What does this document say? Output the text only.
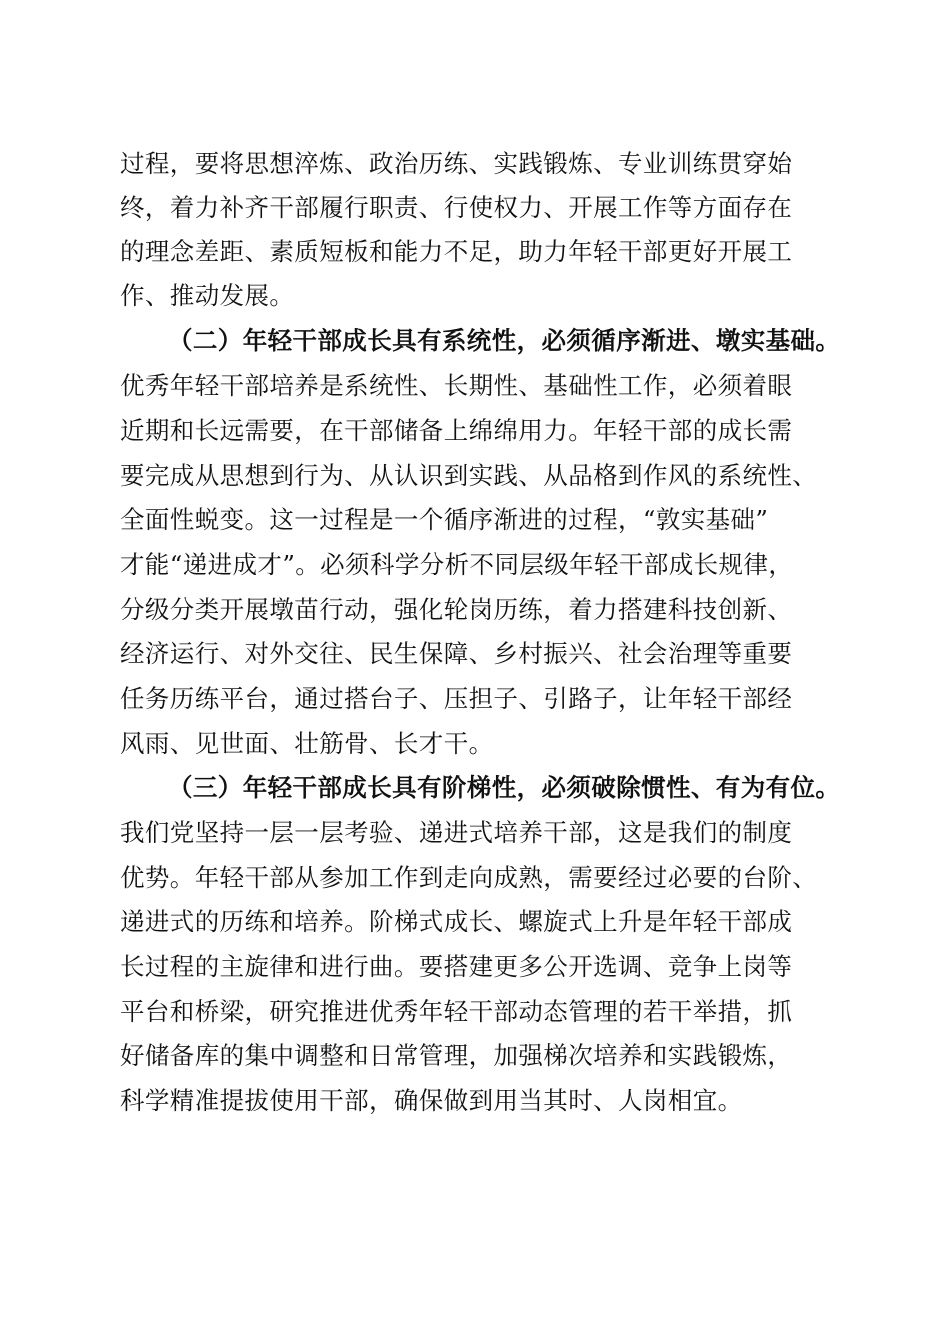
过程，要将思想淬炼、政治历练、实践锻炼、专业训练贯穿始
终，着力补齐干部履行职责、行使权力、开展工作等方面存在
的理念差距、素质短板和能力不足，助力年轻干部更好开展工
作、推动发展。
（二）年轻干部成长具有系统性，必须循序渐进、墩实基础。
优秀年轻干部培养是系统性、长期性、基础性工作，必须着眼
近期和长远需要，在干部储备上绵绵用力。年轻干部的成长需
要完成从思想到行为、从认识到实践、从品格到作风的系统性、
全面性蜕变。这一过程是一个循序渐进的过程，“敦实基础”
才能“递进成才”。必须科学分析不同层级年轻干部成长规律，
分级分类开展墩苗行动，强化轮岗历练，着力搭建科技创新、
经济运行、对外交往、民生保障、乡村振兴、社会治理等重要
任务历练平台，通过搭台子、压担子、引路子，让年轻干部经
风雨、见世面、壮筋骨、长才干。
（三）年轻干部成长具有阶梯性，必须破除惯性、有为有位。
我们党坚持一层一层考验、递进式培养干部，这是我们的制度
优势。年轻干部从参加工作到走向成熟，需要经过必要的台阶、
递进式的历练和培养。阶梯式成长、螺旋式上升是年轻干部成
长过程的主旋律和进行曲。要搭建更多公开选调、竞争上岗等
平台和桥梁，研究推进优秀年轻干部动态管理的若干举措，抓
好储备库的集中调整和日常管理，加强梯次培养和实践锻炼，
科学精准提拔使用干部，确保做到用当其时、人岗相宜。
